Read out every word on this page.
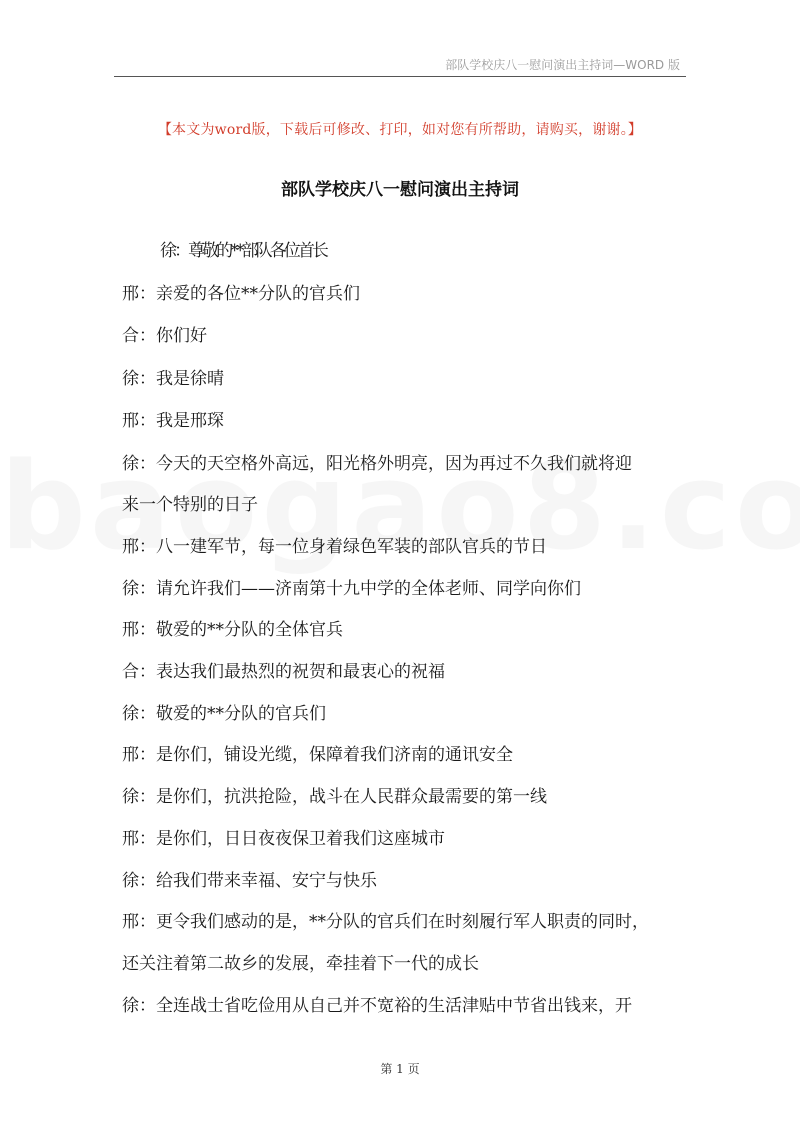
部队学校庆八一慰问演出主持词—WORD 版
【本文为word版，下载后可修改、打印，如对您有所帮助，请购买，谢谢。】
部队学校庆八一慰问演出主持词
徐：尊敬的**部队各位首长
邢：亲爱的各位**分队的官兵们
合：你们好
徐：我是徐晴
邢：我是邢琛
徐：今天的天空格外高远，阳光格外明亮，因为再过不久我们就将迎
来一个特别的日子
邢：八一建军节，每一位身着绿色军装的部队官兵的节日
徐：请允许我们——济南第十九中学的全体老师、同学向你们
邢：敬爱的**分队的全体官兵
合：表达我们最热烈的祝贺和最衷心的祝福
徐：敬爱的**分队的官兵们
邢：是你们，铺设光缆，保障着我们济南的通讯安全
徐：是你们，抗洪抢险，战斗在人民群众最需要的第一线
邢：是你们，日日夜夜保卫着我们这座城市
徐：给我们带来幸福、安宁与快乐
邢：更令我们感动的是，**分队的官兵们在时刻履行军人职责的同时，
还关注着第二故乡的发展，牵挂着下一代的成长
徐：全连战士省吃俭用从自己并不宽裕的生活津贴中节省出钱来，开
第 1 页
